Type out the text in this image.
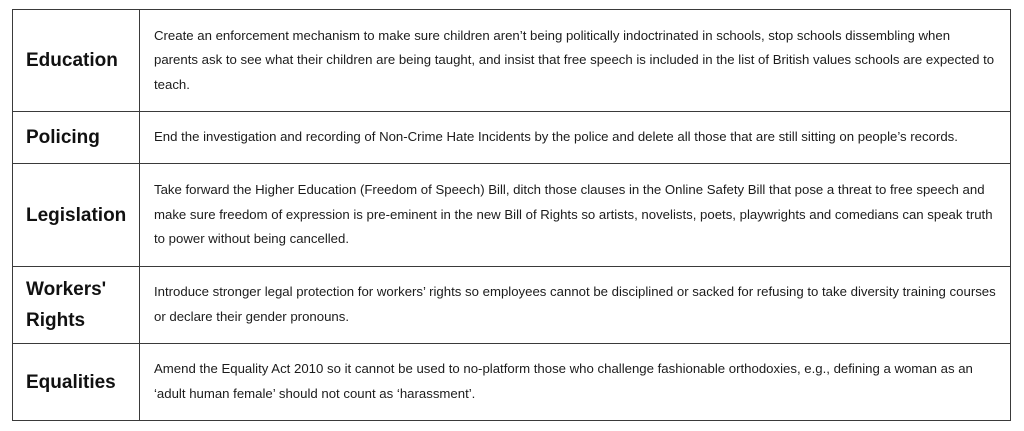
Education	Create an enforcement mechanism to make sure children aren’t being politically indoctrinated in schools, stop schools dissembling when parents ask to see what their children are being taught, and insist that free speech is included in the list of British values schools are expected to teach.
Policing	End the investigation and recording of Non-Crime Hate Incidents by the police and delete all those that are still sitting on people’s records.
Legislation	Take forward the Higher Education (Freedom of Speech) Bill, ditch those clauses in the Online Safety Bill that pose a threat to free speech and make sure freedom of expression is pre-eminent in the new Bill of Rights so artists, novelists, poets, playwrights and comedians can speak truth to power without being cancelled.
Workers' Rights	Introduce stronger legal protection for workers’ rights so employees cannot be disciplined or sacked for refusing to take diversity training courses or declare their gender pronouns.
Equalities	Amend the Equality Act 2010 so it cannot be used to no-platform those who challenge fashionable orthodoxies, e.g., defining a woman as an ‘adult human female’ should not count as ‘harassment’.
